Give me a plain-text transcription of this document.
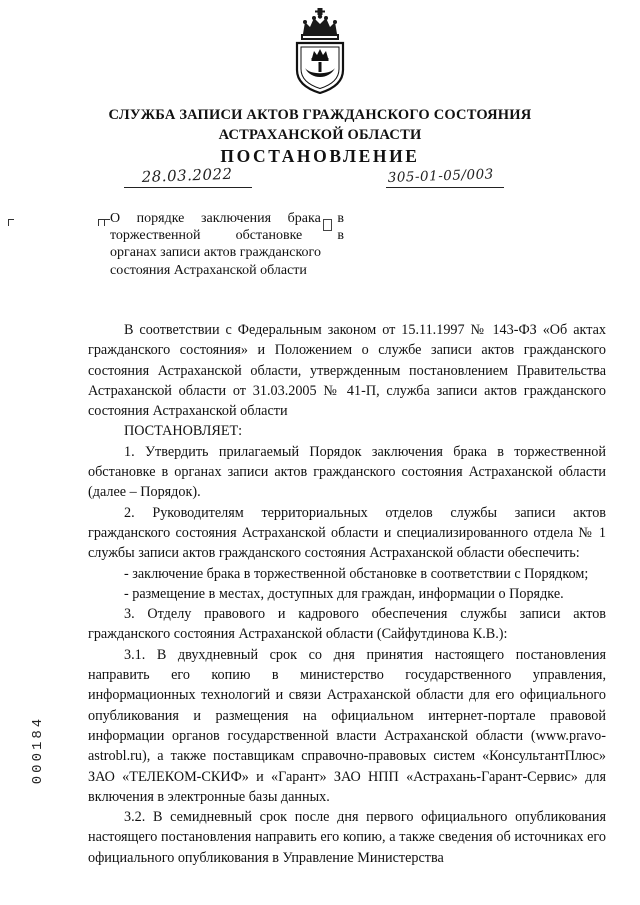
СЛУЖБА ЗАПИСИ АКТОВ ГРАЖДАНСКОГО СОСТОЯНИЯ
АСТРАХАНСКОЙ ОБЛАСТИ
ПОСТАНОВЛЕНИЕ
28.03.2022	305-01-05/003

О порядке заключения брака в

торжественной обстановке в

органах записи актов гражданского

состояния Астраханской области

В соответствии с Федеральным законом от 15.11.1997 № 143-ФЗ «Об актах гражданского состояния» и Положением о службе записи актов гражданского состояния Астраханской области, утвержденным постановлением Правительства Астраханской области от 31.03.2005 № 41-П, служба записи актов гражданского состояния Астраханской области

ПОСТАНОВЛЯЕТ:

1. Утвердить прилагаемый Порядок заключения брака в торжественной обстановке в органах записи актов гражданского состояния Астраханской области (далее – Порядок).

2. Руководителям территориальных отделов службы записи актов гражданского состояния Астраханской области и специализированного отдела № 1 службы записи актов гражданского состояния Астраханской области обеспечить:

- заключение брака в торжественной обстановке в соответствии с Порядком;

- размещение в местах, доступных для граждан, информации о Порядке.

3. Отделу правового и кадрового обеспечения службы записи актов гражданского состояния Астраханской области (Сайфутдинова К.В.):

3.1. В двухдневный срок со дня принятия настоящего постановления направить его копию в министерство государственного управления, информационных технологий и связи Астраханской области для его официального опубликования и размещения на официальном интернет-портале правовой информации органов государственной власти Астраханской области (www.pravo-astrobl.ru), а также поставщикам справочно-правовых систем «КонсультантПлюс» ЗАО «ТЕЛЕКОМ-СКИФ» и «Гарант» ЗАО НПП «Астрахань-Гарант-Сервис» для включения в электронные базы данных.

3.2. В семидневный срок после дня первого официального опубликования настоящего постановления направить его копию, а также сведения об источниках его официального опубликования в Управление Министерства

000184
